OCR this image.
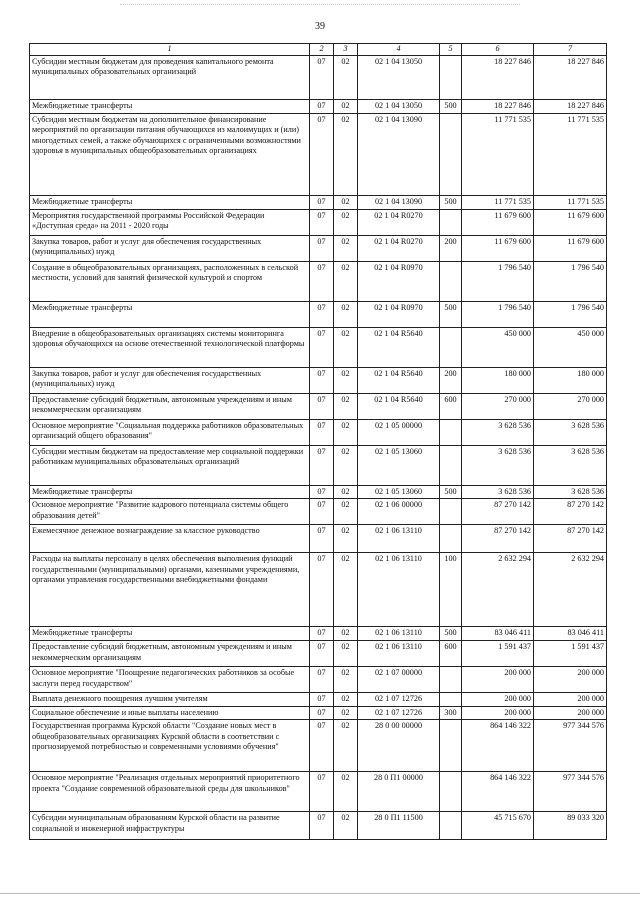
39
1	2	3	4	5	6	7
Субсидии местным бюджетам для проведения капитального ремонта муниципальных образовательных организаций	07	02	02 1 04 13050		18 227 846	18 227 846
Межбюджетные трансферты	07	02	02 1 04 13050	500	18 227 846	18 227 846
Субсидии местным бюджетам на дополнительное финансирование мероприятий по организации питания обучающихся из малоимущих и (или) многодетных семей, а также обучающихся с ограниченными возможностями здоровья в муниципальных общеобразовательных организациях	07	02	02 1 04 13090		11 771 535	11 771 535
Межбюджетные трансферты	07	02	02 1 04 13090	500	11 771 535	11 771 535
Мероприятия государственной программы Российской Федерации «Доступная среда» на 2011 - 2020 годы	07	02	02 1 04 R0270		11 679 600	11 679 600
Закупка товаров, работ и услуг для обеспечения государственных (муниципальных) нужд	07	02	02 1 04 R0270	200	11 679 600	11 679 600
Создание в общеобразовательных организациях, расположенных в сельской местности, условий для занятий физической культурой и спортом	07	02	02 1 04 R0970		1 796 540	1 796 540
Межбюджетные трансферты	07	02	02 1 04 R0970	500	1 796 540	1 796 540
Внедрение в общеобразовательных организациях системы мониторинга здоровья обучающихся на основе отечественной технологической платформы	07	02	02 1 04 R5640		450 000	450 000
Закупка товаров, работ и услуг для обеспечения государственных (муниципальных) нужд	07	02	02 1 04 R5640	200	180 000	180 000
Предоставление субсидий бюджетным, автономным учреждениям и иным некоммерческим организациям	07	02	02 1 04 R5640	600	270 000	270 000
Основное мероприятие "Социальная поддержка работников образовательных организаций общего образования"	07	02	02 1 05 00000		3 628 536	3 628 536
Субсидии местным бюджетам на предоставление мер социальной поддержки работникам муниципальных образовательных организаций	07	02	02 1 05 13060		3 628 536	3 628 536
Межбюджетные трансферты	07	02	02 1 05 13060	500	3 628 536	3 628 536
Основное мероприятие "Развитие кадрового потенциала системы общего образования детей"	07	02	02 1 06 00000		87 270 142	87 270 142
Ежемесячное денежное вознаграждение за классное руководство	07	02	02 1 06 13110		87 270 142	87 270 142
Расходы на выплаты персоналу в целях обеспечения выполнения функций государственными (муниципальными) органами, казенными учреждениями, органами управления государственными внебюджетными фондами	07	02	02 1 06 13110	100	2 632 294	2 632 294
Межбюджетные трансферты	07	02	02 1 06 13110	500	83 046 411	83 046 411
Предоставление субсидий бюджетным, автономным учреждениям и иным некоммерческим организациям	07	02	02 1 06 13110	600	1 591 437	1 591 437
Основное мероприятие "Поощрение педагогических работников за особые заслуги перед государством"	07	02	02 1 07 00000		200 000	200 000
Выплата денежного поощрения лучшим учителям	07	02	02 1 07 12726		200 000	200 000
Социальное обеспечение и иные выплаты населению	07	02	02 1 07 12726	300	200 000	200 000
Государственная программа Курской области "Создание новых мест в общеобразовательных организациях Курской области в соответствии с прогнозируемой потребностью и современными условиями обучения"	07	02	28 0 00 00000		864 146 322	977 344 576
Основное мероприятие "Реализация отдельных мероприятий приоритетного проекта "Создание современной образовательной среды для школьников"	07	02	28 0 П1 00000		864 146 322	977 344 576
Субсидии муниципальным образованиям Курской области на развитие социальной и инженерной инфраструктуры	07	02	28 0 П1 11500		45 715 670	89 033 320
